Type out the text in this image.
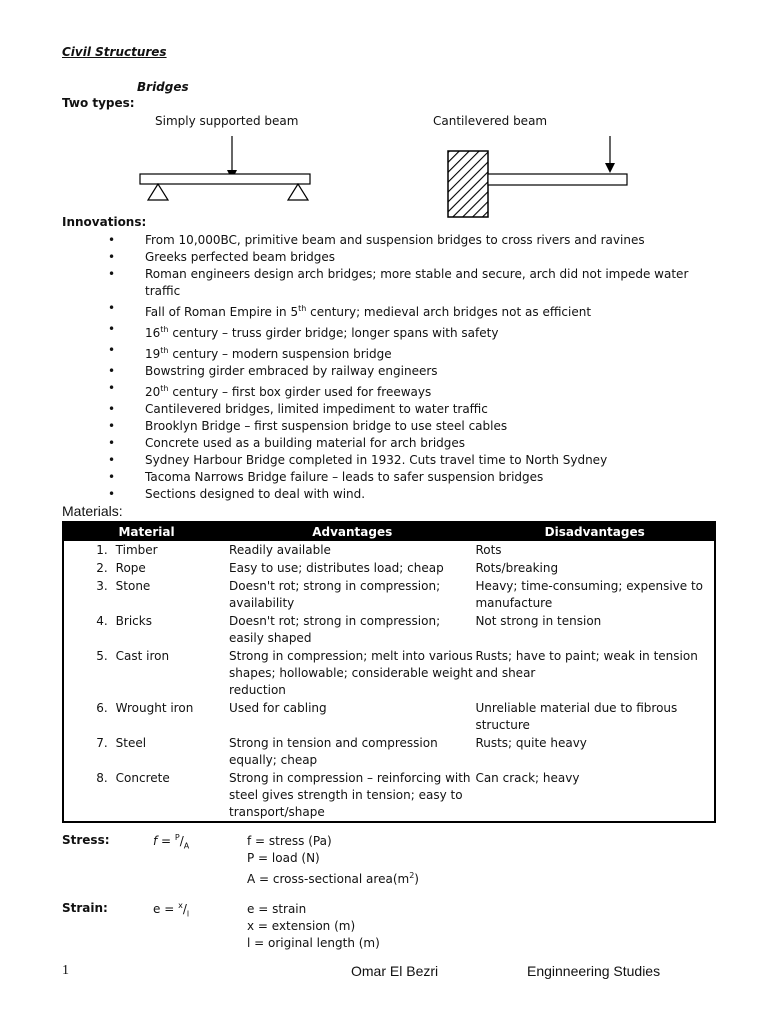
Civil Structures
Bridges
Two types:
Simply supported beam	Cantilevered beam
Innovations:
• From 10,000BC, primitive beam and suspension bridges to cross rivers and ravines
• Greeks perfected beam bridges
• Roman engineers design arch bridges; more stable and secure, arch did not impede water traffic
• Fall of Roman Empire in 5th century; medieval arch bridges not as efficient
• 16th century – truss girder bridge; longer spans with safety
• 19th century – modern suspension bridge
• Bowstring girder embraced by railway engineers
• 20th century – first box girder used for freeways
• Cantilevered bridges, limited impediment to water traffic
• Brooklyn Bridge – first suspension bridge to use steel cables
• Concrete used as a building material for arch bridges
• Sydney Harbour Bridge completed in 1932. Cuts travel time to North Sydney
• Tacoma Narrows Bridge failure – leads to safer suspension bridges
• Sections designed to deal with wind.
Materials:
Material		Advantages	Disadvantages
1.	Timber	Readily available	Rots
2.	Rope	Easy to use; distributes load; cheap	Rots/breaking
3.	Stone	Doesn't rot; strong in compression; availability	Heavy; time-consuming; expensive to manufacture
4.	Bricks	Doesn't rot; strong in compression; easily shaped	Not strong in tension
5.	Cast iron	Strong in compression; melt into various shapes; hollowable; considerable weight reduction	Rusts; have to paint; weak in tension and shear
6.	Wrought iron	Used for cabling	Unreliable material due to fibrous structure
7.	Steel	Strong in tension and compression equally; cheap	Rusts; quite heavy
8.	Concrete	Strong in compression – reinforcing with steel gives strength in tension; easy to transport/shape	Can crack; heavy
Stress:	$f = ^P/_A$	f = stress (Pa)
P = load (N)
A = cross-sectional $area(m^2)$
Strain:	$e = ^x/_l$	e = strain
x = extension (m)
l = original length (m)
1	Omar El Bezri	Enginneering Studies
